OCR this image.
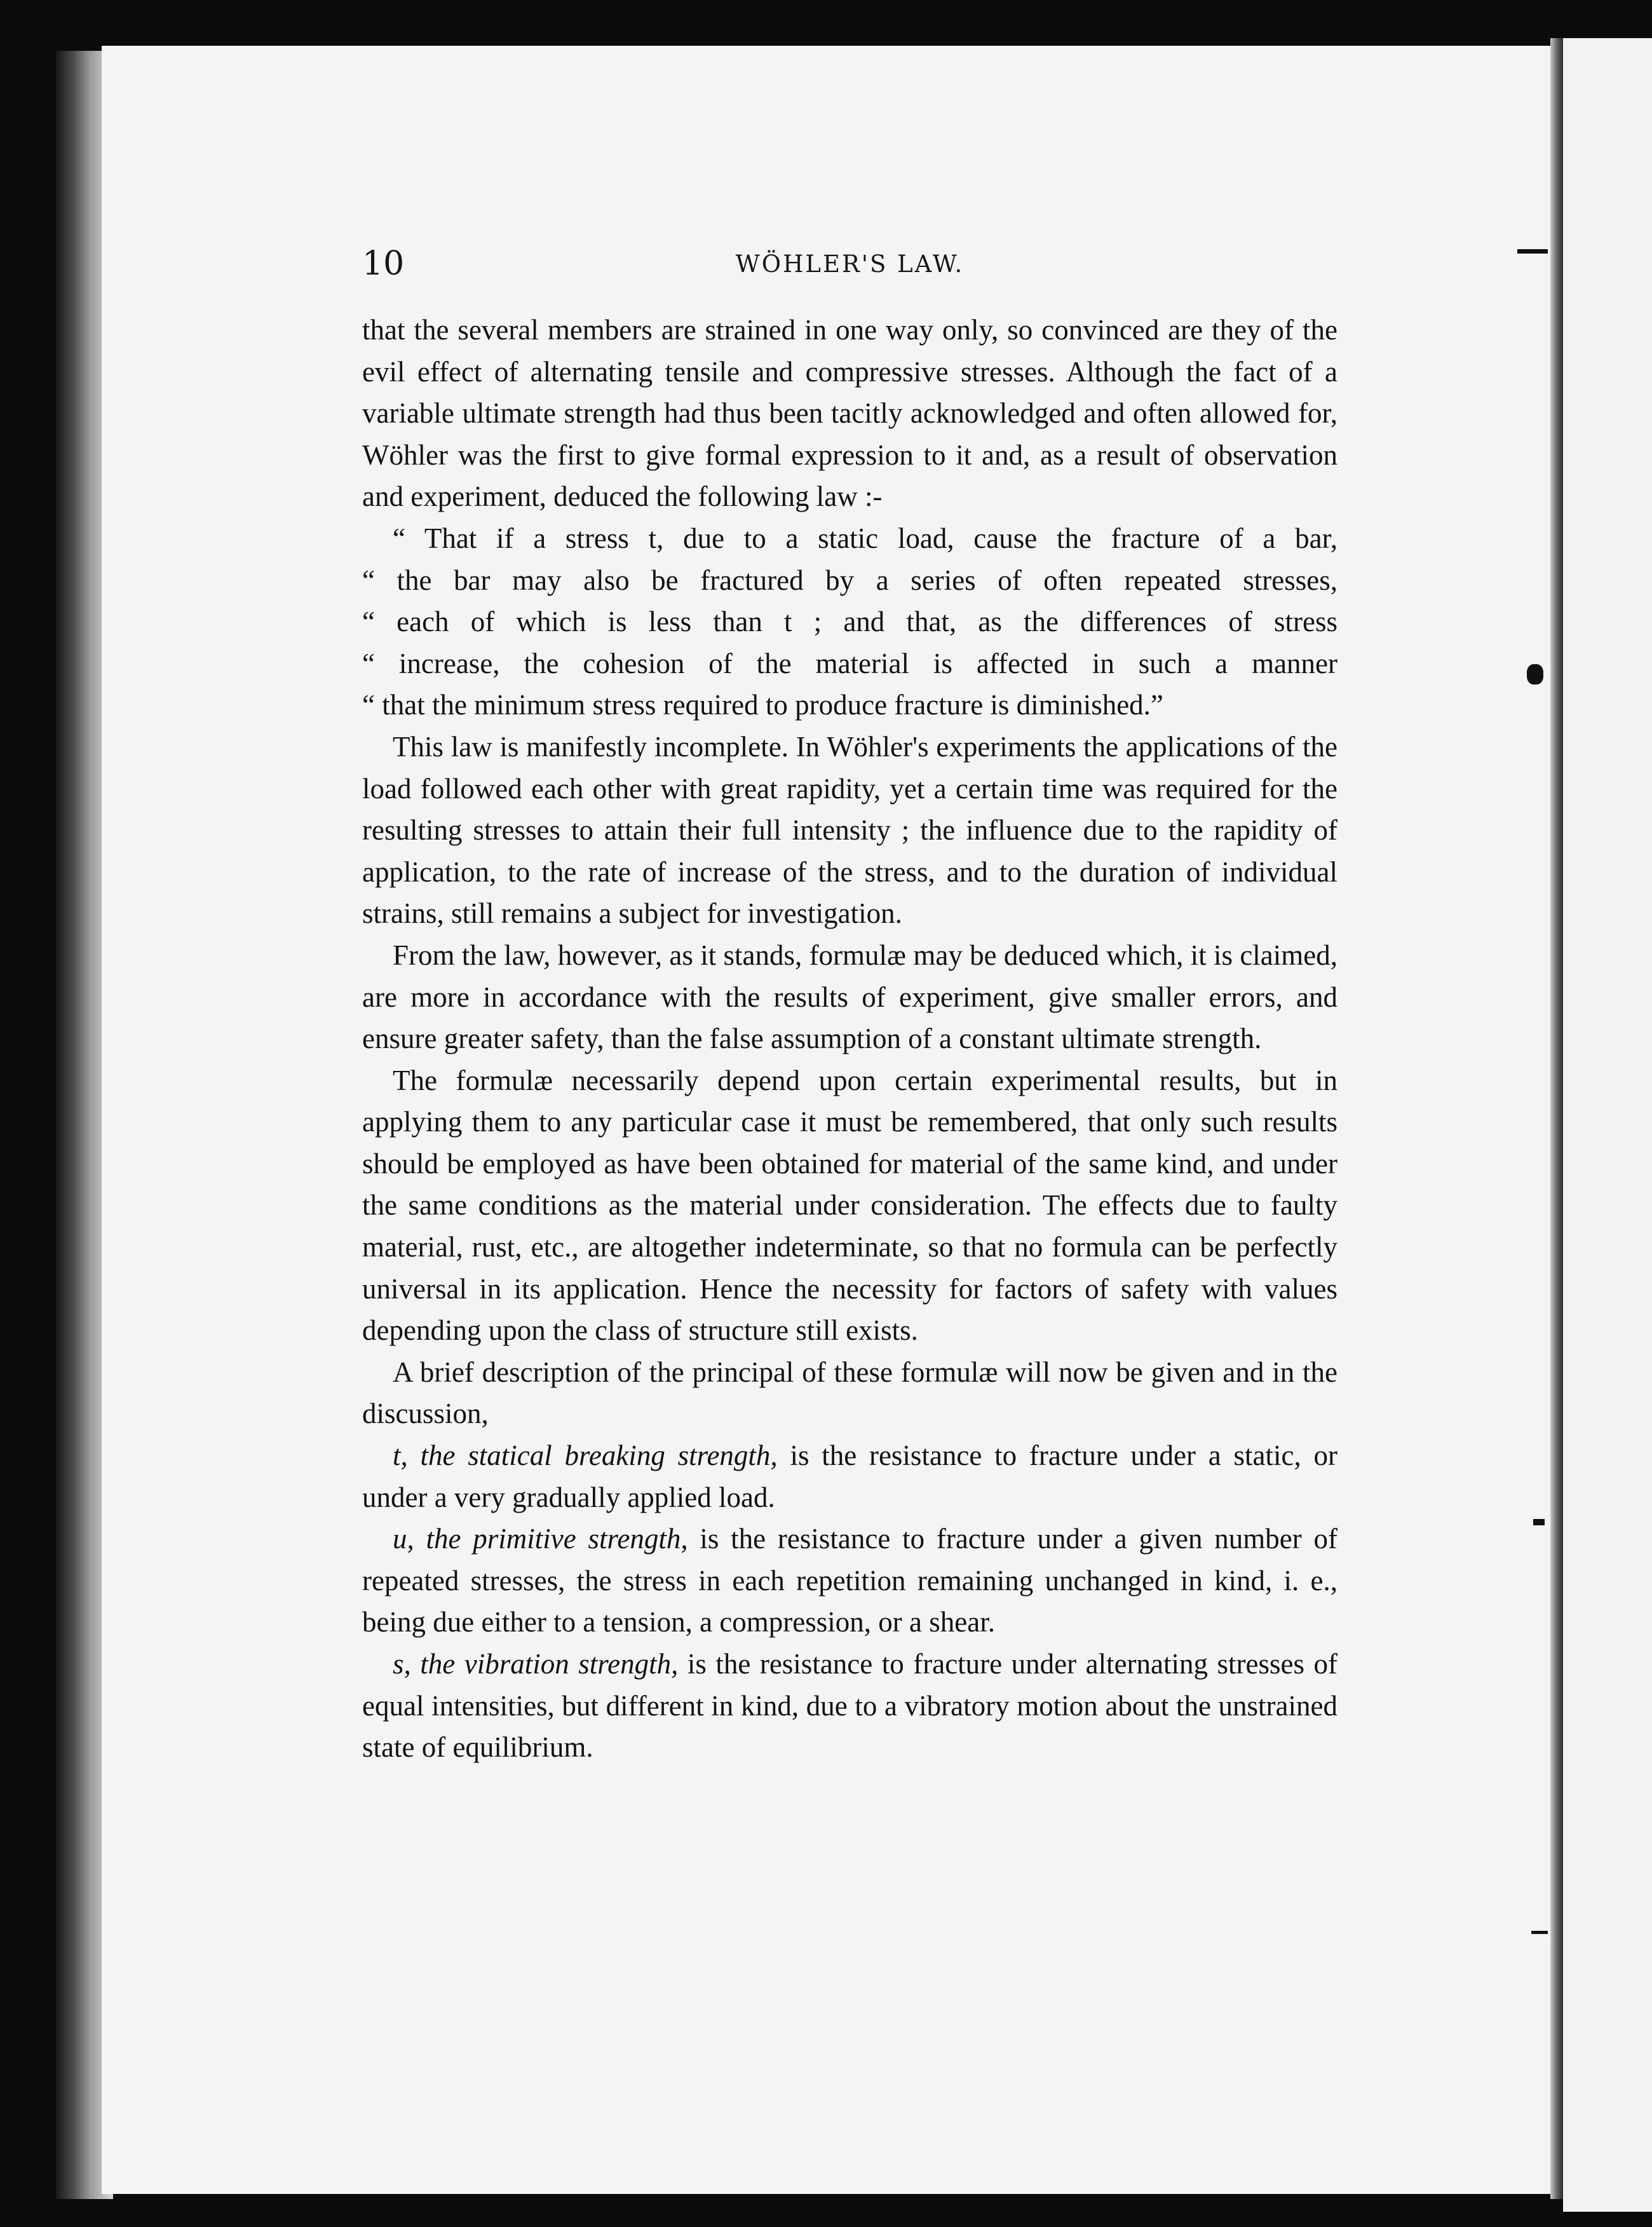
10	WÖHLER'S LAW.

that the several members are strained in one way only, so convinced are they of the evil effect of alternating tensile and compressive stresses. Although the fact of a variable ultimate strength had thus been tacitly acknowledged and often allowed for, Wöhler was the first to give formal expression to it and, as a result of observation and experiment, deduced the following law :-

“ That if a stress t, due to a static load, cause the fracture of a bar,
“ the bar may also be fractured by a series of often repeated stresses,
“ each of which is less than t ; and that, as the differences of stress
“ increase, the cohesion of the material is affected in such a manner
“ that the minimum stress required to produce fracture is diminished.”

This law is manifestly incomplete. In Wöhler's experiments the applications of the load followed each other with great rapidity, yet a certain time was required for the resulting stresses to attain their full intensity ; the influence due to the rapidity of application, to the rate of increase of the stress, and to the duration of individual strains, still remains a subject for investigation.

From the law, however, as it stands, formulæ may be deduced which, it is claimed, are more in accordance with the results of experiment, give smaller errors, and ensure greater safety, than the false assumption of a constant ultimate strength.

The formulæ necessarily depend upon certain experimental results, but in applying them to any particular case it must be remembered, that only such results should be employed as have been obtained for material of the same kind, and under the same conditions as the material under consideration. The effects due to faulty material, rust, etc., are altogether indeterminate, so that no formula can be perfectly universal in its application. Hence the necessity for factors of safety with values depending upon the class of structure still exists.

A brief description of the principal of these formulæ will now be given and in the discussion,

t, the statical breaking strength, is the resistance to fracture under a static, or under a very gradually applied load.

u, the primitive strength, is the resistance to fracture under a given number of repeated stresses, the stress in each repetition remaining unchanged in kind, i. e., being due either to a tension, a compression, or a shear.

s, the vibration strength, is the resistance to fracture under alternating stresses of equal intensities, but different in kind, due to a vibratory motion about the unstrained state of equilibrium.
